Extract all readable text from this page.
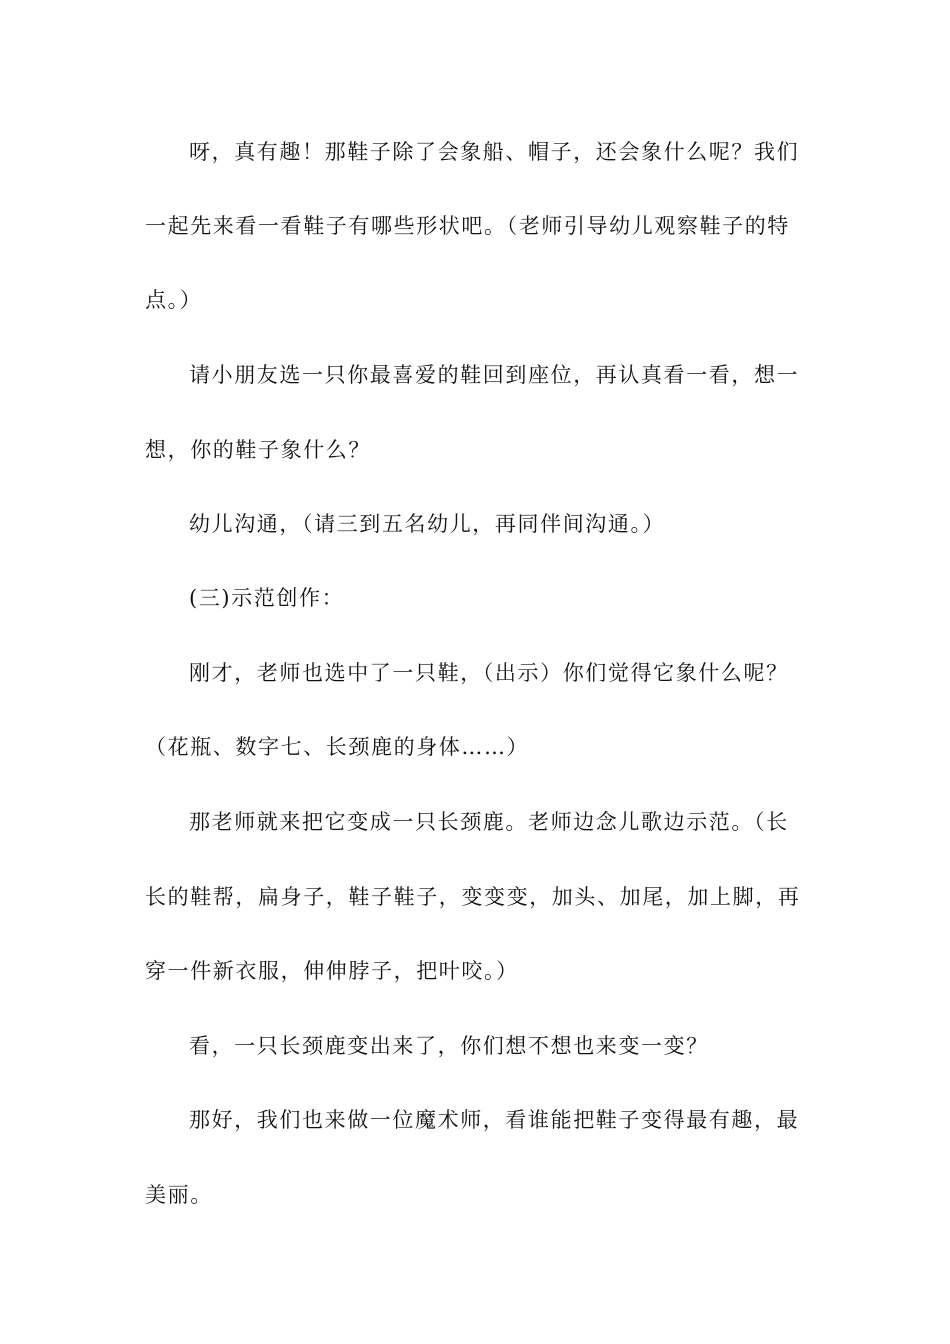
呀，真有趣！那鞋子除了会象船、帽子，还会象什么呢？我们
一起先来看一看鞋子有哪些形状吧。（老师引导幼儿观察鞋子的特
点。）
请小朋友选一只你最喜爱的鞋回到座位，再认真看一看，想一
想，你的鞋子象什么？
幼儿沟通，（请三到五名幼儿，再同伴间沟通。）
(三)示范创作：
刚才，老师也选中了一只鞋，（出示）你们觉得它象什么呢？
（花瓶、数字七、长颈鹿的身体……）
那老师就来把它变成一只长颈鹿。老师边念儿歌边示范。（长
长的鞋帮，扁身子，鞋子鞋子，变变变，加头、加尾，加上脚，再
穿一件新衣服，伸伸脖子，把叶咬。）
看，一只长颈鹿变出来了，你们想不想也来变一变？
那好，我们也来做一位魔术师，看谁能把鞋子变得最有趣，最
美丽。
